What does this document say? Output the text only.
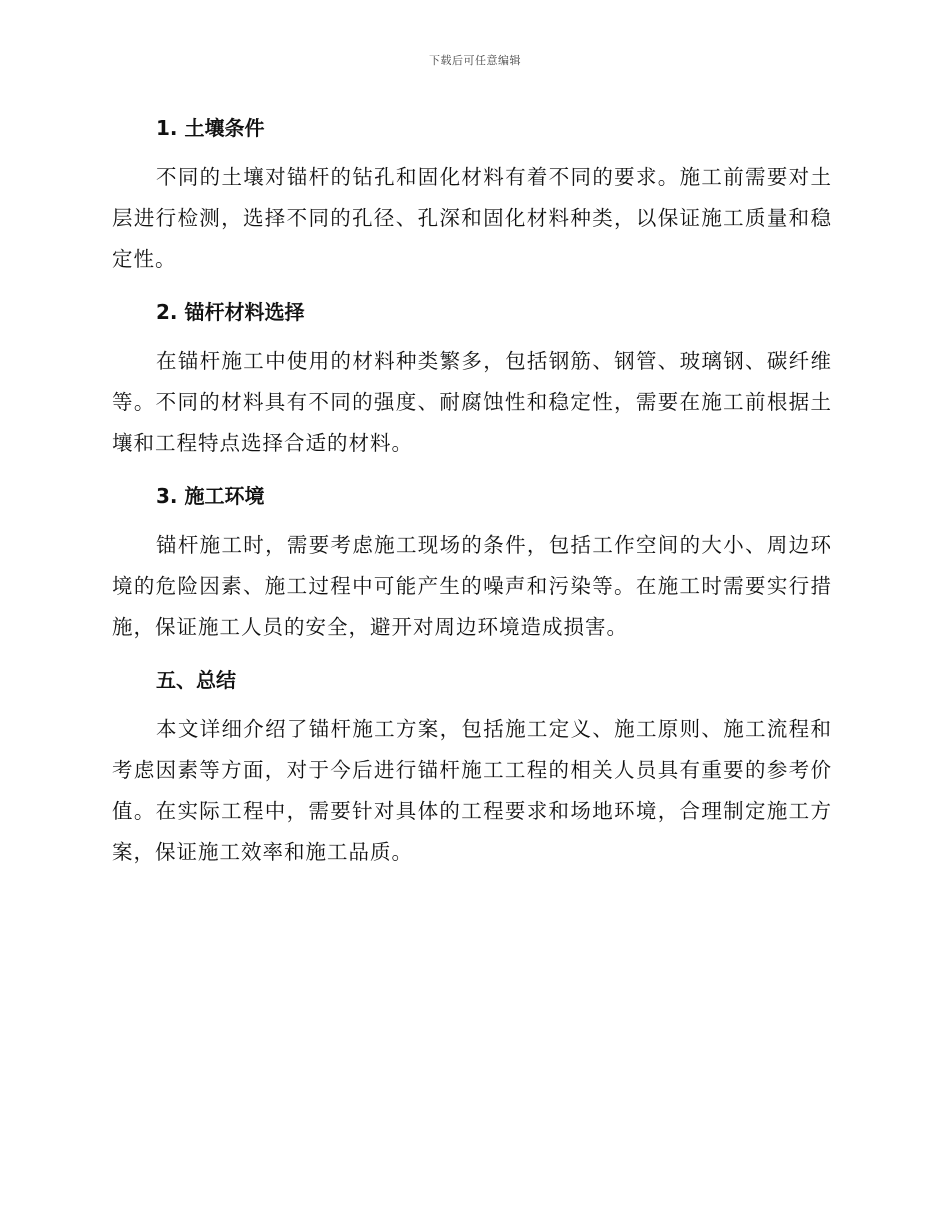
下载后可任意编辑
1. 土壤条件

不同的土壤对锚杆的钻孔和固化材料有着不同的要求。施工前需要对土层进行检测，选择不同的孔径、孔深和固化材料种类，以保证施工质量和稳定性。

2. 锚杆材料选择

在锚杆施工中使用的材料种类繁多，包括钢筋、钢管、玻璃钢、碳纤维等。不同的材料具有不同的强度、耐腐蚀性和稳定性，需要在施工前根据土壤和工程特点选择合适的材料。

3. 施工环境

锚杆施工时，需要考虑施工现场的条件，包括工作空间的大小、周边环境的危险因素、施工过程中可能产生的噪声和污染等。在施工时需要实行措施，保证施工人员的安全，避开对周边环境造成损害。

五、总结

本文详细介绍了锚杆施工方案，包括施工定义、施工原则、施工流程和考虑因素等方面，对于今后进行锚杆施工工程的相关人员具有重要的参考价值。在实际工程中，需要针对具体的工程要求和场地环境，合理制定施工方案，保证施工效率和施工品质。
